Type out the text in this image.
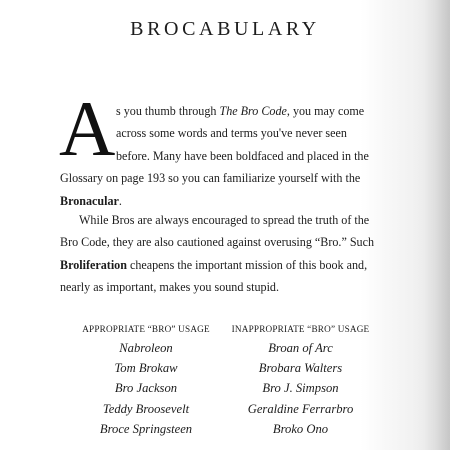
BROCABULARY
A s you thumb through The Bro Code, you may come
across some words and terms you've never seen
before. Many have been boldfaced and placed in the
Glossary on page 193 so you can familiarize yourself with the
Bronacular.

While Bros are always encouraged to spread the truth of the
Bro Code, they are also cautioned against overusing “Bro.” Such
Broliferation cheapens the important mission of this book and,
nearly as important, makes you sound stupid.

APPROPRIATE “BRO” USAGE
Nabroleon
Tom Brokaw
Bro Jackson
Teddy Broosevelt
Broce Springsteen
INAPPROPRIATE “BRO” USAGE
Broan of Arc
Brobara Walters
Bro J. Simpson
Geraldine Ferrarbro
Broko Ono
